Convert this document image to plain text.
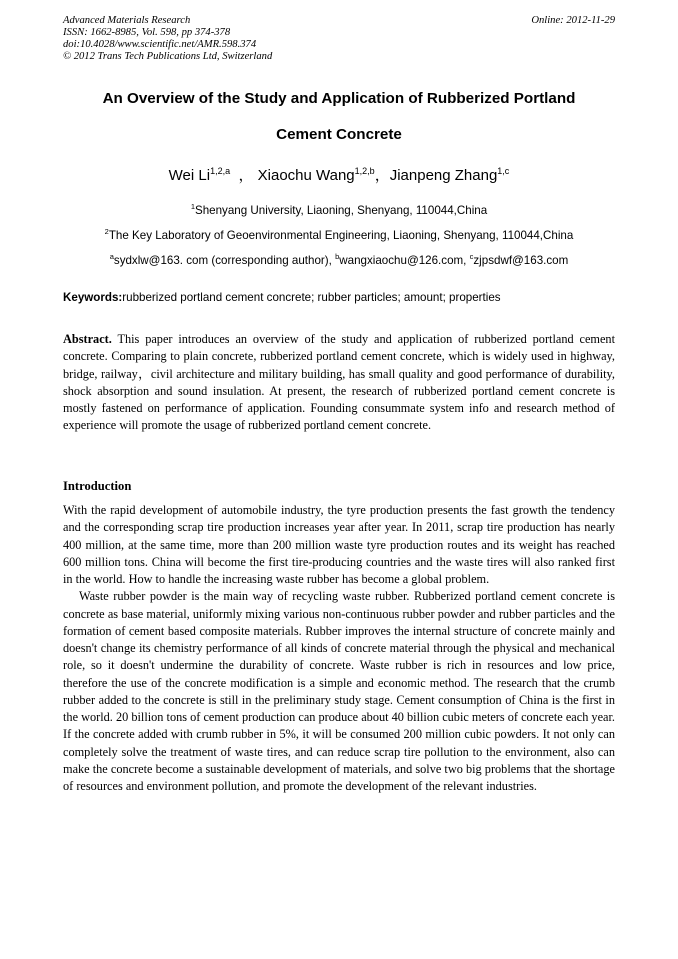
Advanced Materials Research
ISSN: 1662-8985, Vol. 598, pp 374-378
doi:10.4028/www.scientific.net/AMR.598.374
© 2012 Trans Tech Publications Ltd, Switzerland
Online: 2012-11-29
An Overview of the Study and Application of Rubberized Portland
Cement Concrete
Wei Li$^{1,2,a}$ ， Xiaochu Wang$^{1,2,b}$，Jianpeng Zhang$^{1,c}$
$^1$Shenyang University, Liaoning, Shenyang, 110044,China
$^2$The Key Laboratory of Geoenvironmental Engineering, Liaoning, Shenyang, 110044,China
$^a$sydxlw@163. com (corresponding author), $^b$wangxiaochu@126.com, $^c$zjpsdwf@163.com
Keywords:rubberized portland cement concrete; rubber particles; amount; properties

Abstract. This paper introduces an overview of the study and application of rubberized portland cement concrete. Comparing to plain concrete, rubberized portland cement concrete, which is widely used in highway, bridge, railway，civil architecture and military building, has small quality and good performance of durability, shock absorption and sound insulation. At present, the research of rubberized portland cement concrete is mostly fastened on performance of application. Founding consummate system info and research method of experience will promote the usage of rubberized portland cement concrete.

Introduction

With the rapid development of automobile industry, the tyre production presents the fast growth the tendency and the corresponding scrap tire production increases year after year. In 2011, scrap tire production has nearly 400 million, at the same time, more than 200 million waste tyre production routes and its weight has reached 600 million tons. China will become the first tire-producing countries and the waste tires will also ranked first in the world. How to handle the increasing waste rubber has become a global problem.

Waste rubber powder is the main way of recycling waste rubber. Rubberized portland cement concrete is concrete as base material, uniformly mixing various non-continuous rubber powder and rubber particles and the formation of cement based composite materials. Rubber improves the internal structure of concrete mainly and doesn't change its chemistry performance of all kinds of concrete material through the physical and mechanical role, so it doesn't undermine the durability of concrete. Waste rubber is rich in resources and low price, therefore the use of the concrete modification is a simple and economic method. The research that the crumb rubber added to the concrete is still in the preliminary study stage. Cement consumption of China is the first in the world. 20 billion tons of cement production can produce about 40 billion cubic meters of concrete each year. If the concrete added with crumb rubber in 5%, it will be consumed 200 million cubic powders. It not only can completely solve the treatment of waste tires, and can reduce scrap tire pollution to the environment, also can make the concrete become a sustainable development of materials, and solve two big problems that the shortage of resources and environment pollution, and promote the development of the relevant industries.
